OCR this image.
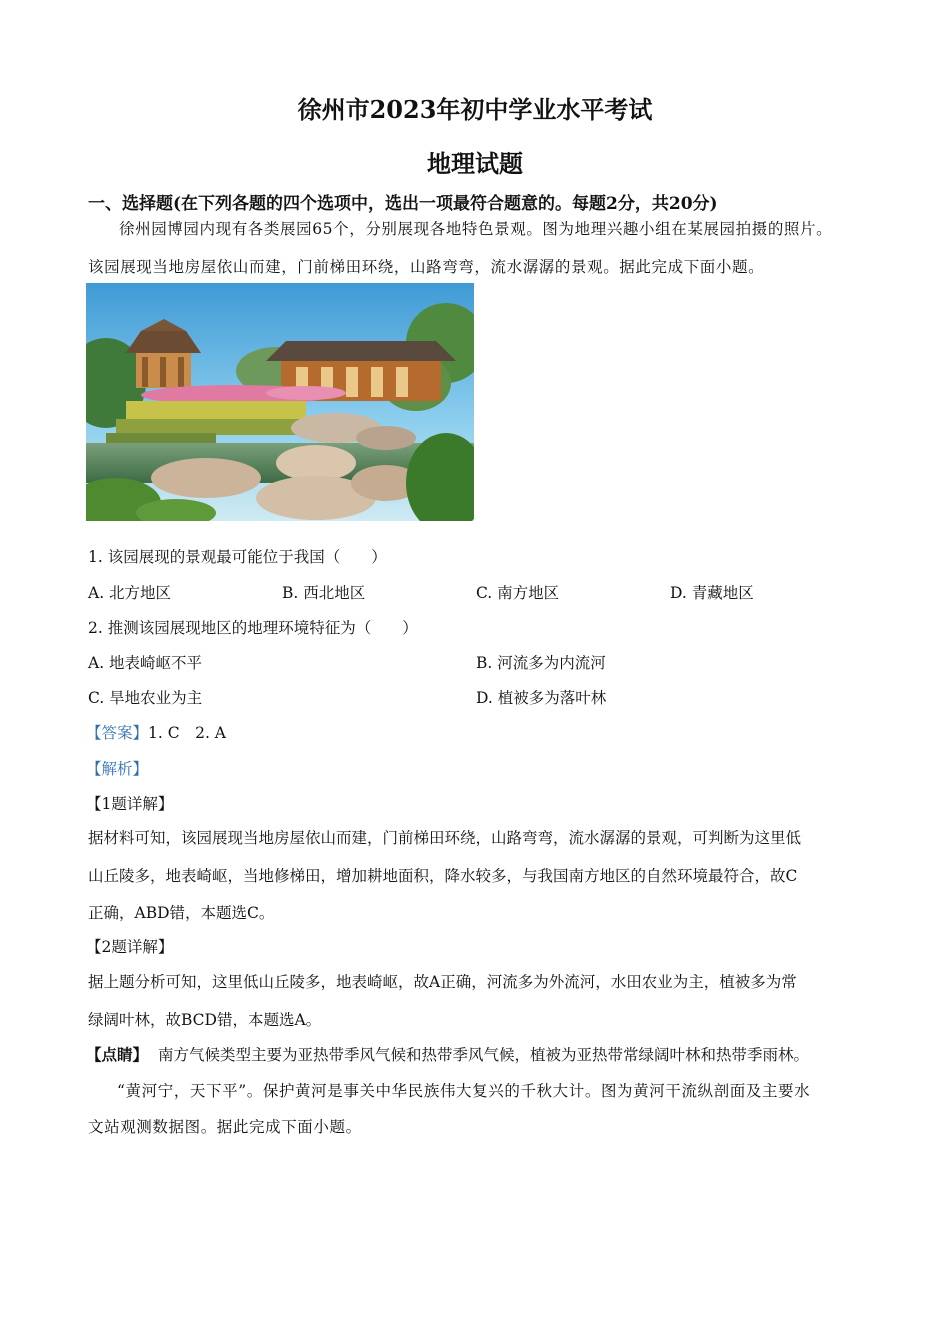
徐州市2023年初中学业水平考试
地理试题
一、选择题(在下列各题的四个选项中，选出一项最符合题意的。每题2分，共20分)
徐州园博园内现有各类展园65个，分别展现各地特色景观。图为地理兴趣小组在某展园拍摄的照片。
该园展现当地房屋依山而建，门前梯田环绕，山路弯弯，流水潺潺的景观。据此完成下面小题。
1. 该园展现的景观最可能位于我国（　　）
A. 北方地区	B. 西北地区	C. 南方地区	D. 青藏地区
2. 推测该园展现地区的地理环境特征为（　　）
A. 地表崎岖不平	B. 河流多为内流河
C. 旱地农业为主	D. 植被多为落叶林
【答案】1. C　2. A
【解析】
【1题详解】
据材料可知，该园展现当地房屋依山而建，门前梯田环绕，山路弯弯，流水潺潺的景观，可判断为这里低
山丘陵多，地表崎岖，当地修梯田，增加耕地面积，降水较多，与我国南方地区的自然环境最符合，故C
正确，ABD错，本题选C。
【2题详解】
据上题分析可知，这里低山丘陵多，地表崎岖，故A正确，河流多为外流河，水田农业为主，植被多为常
绿阔叶林，故BCD错，本题选A。
【点睛】 南方气候类型主要为亚热带季风气候和热带季风气候，植被为亚热带常绿阔叶林和热带季雨林。
“黄河宁，天下平”。保护黄河是事关中华民族伟大复兴的千秋大计。图为黄河干流纵剖面及主要水
文站观测数据图。据此完成下面小题。
